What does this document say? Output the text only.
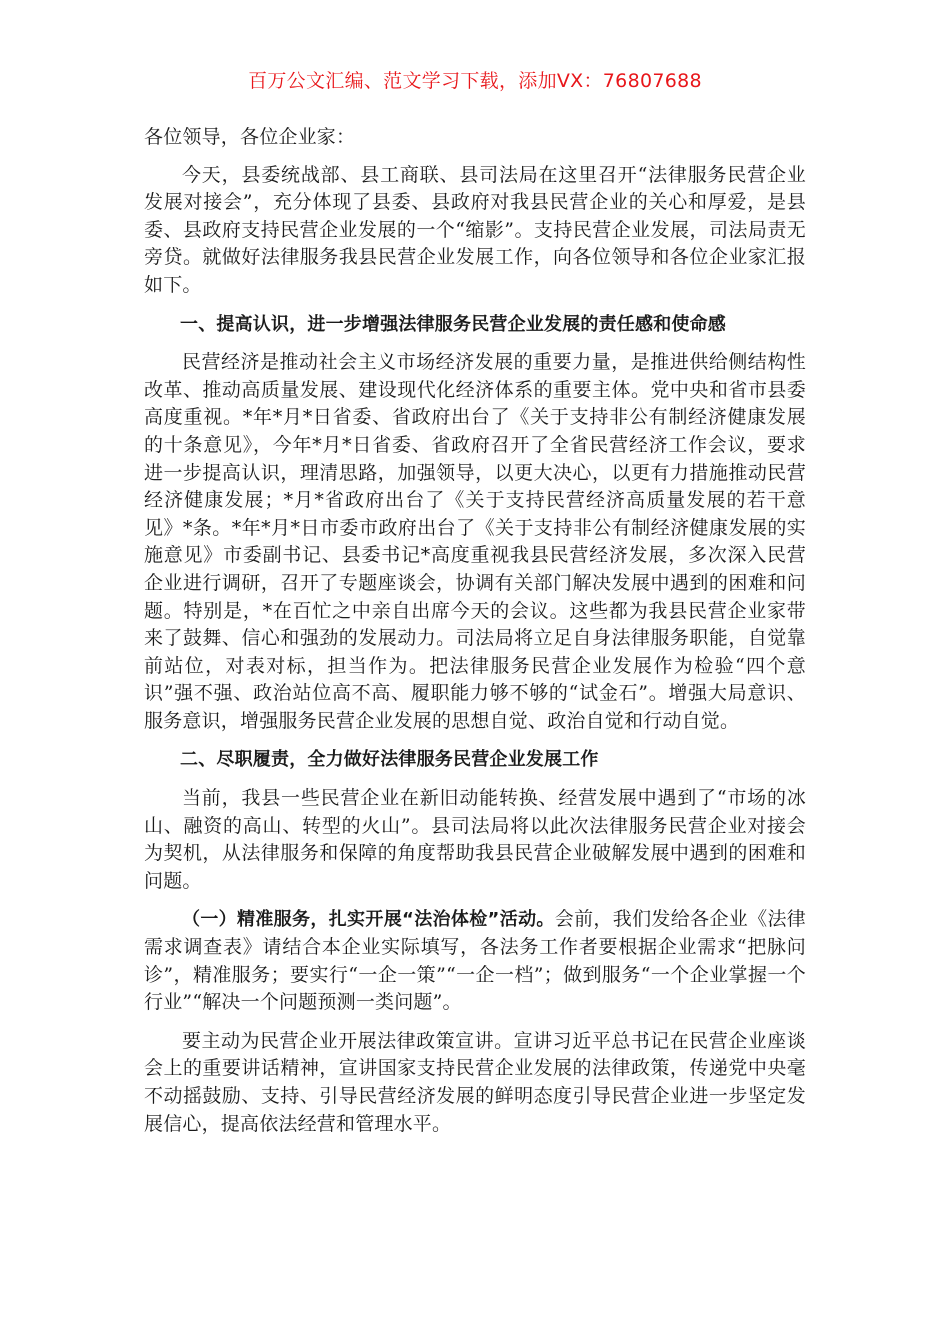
百万公文汇编、范文学习下载，添加VX：76807688

各位领导，各位企业家：

今天，县委统战部、县工商联、县司法局在这里召开“法律服务民营企业发展对接会”，充分体现了县委、县政府对我县民营企业的关心和厚爱，是县委、县政府支持民营企业发展的一个“缩影”。支持民营企业发展，司法局责无旁贷。就做好法律服务我县民营企业发展工作，向各位领导和各位企业家汇报如下。

一、提高认识，进一步增强法律服务民营企业发展的责任感和使命感

民营经济是推动社会主义市场经济发展的重要力量，是推进供给侧结构性改革、推动高质量发展、建设现代化经济体系的重要主体。党中央和省市县委高度重视。*年*月*日省委、省政府出台了《关于支持非公有制经济健康发展的十条意见》，今年*月*日省委、省政府召开了全省民营经济工作会议，要求进一步提高认识，理清思路，加强领导，以更大决心，以更有力措施推动民营经济健康发展；*月*省政府出台了《关于支持民营经济高质量发展的若干意见》*条。*年*月*日市委市政府出台了《关于支持非公有制经济健康发展的实施意见》市委副书记、县委书记*高度重视我县民营经济发展，多次深入民营企业进行调研，召开了专题座谈会，协调有关部门解决发展中遇到的困难和问题。特别是，*在百忙之中亲自出席今天的会议。这些都为我县民营企业家带来了鼓舞、信心和强劲的发展动力。司法局将立足自身法律服务职能，自觉靠前站位，对表对标，担当作为。把法律服务民营企业发展作为检验“四个意识”强不强、政治站位高不高、履职能力够不够的“试金石”。增强大局意识、服务意识，增强服务民营企业发展的思想自觉、政治自觉和行动自觉。

二、尽职履责，全力做好法律服务民营企业发展工作

当前，我县一些民营企业在新旧动能转换、经营发展中遇到了“市场的冰山、融资的高山、转型的火山”。县司法局将以此次法律服务民营企业对接会为契机，从法律服务和保障的角度帮助我县民营企业破解发展中遇到的困难和问题。

（一）精准服务，扎实开展“法治体检”活动。会前，我们发给各企业《法律需求调查表》请结合本企业实际填写，各法务工作者要根据企业需求“把脉问诊”，精准服务；要实行“一企一策”“一企一档”；做到服务“一个企业掌握一个行业”“解决一个问题预测一类问题”。

要主动为民营企业开展法律政策宣讲。宣讲习近平总书记在民营企业座谈会上的重要讲话精神，宣讲国家支持民营企业发展的法律政策，传递党中央毫不动摇鼓励、支持、引导民营经济发展的鲜明态度引导民营企业进一步坚定发展信心，提高依法经营和管理水平。
